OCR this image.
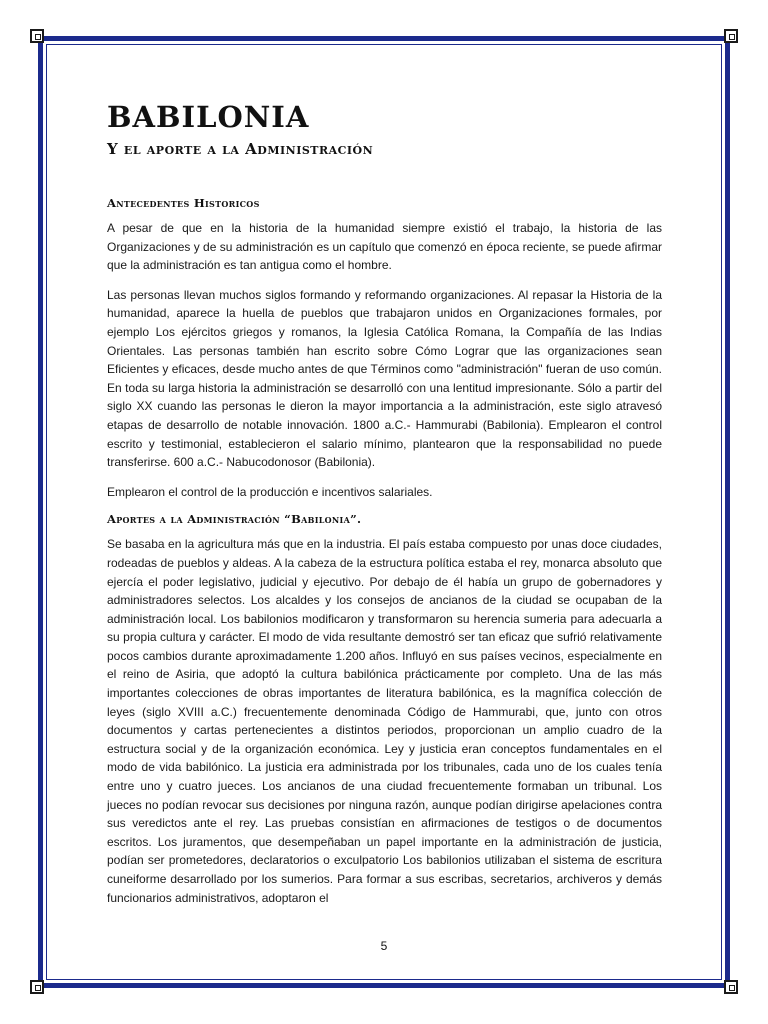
BABILONIA
Y el aporte a la Administración
Antecedentes Historicos

A pesar de que en la historia de la humanidad siempre existió el trabajo, la historia de las Organizaciones y de su administración es un capítulo que comenzó en época reciente, se puede afirmar que la administración es tan antigua como el hombre.

Las personas llevan muchos siglos formando y reformando organizaciones. Al repasar la Historia de la humanidad, aparece la huella de pueblos que trabajaron unidos en Organizaciones formales, por ejemplo Los ejércitos griegos y romanos, la Iglesia Católica Romana, la Compañía de las Indias Orientales. Las personas también han escrito sobre Cómo Lograr que las organizaciones sean Eficientes y eficaces, desde mucho antes de que Términos como "administración" fueran de uso común. En toda su larga historia la administración se desarrolló con una lentitud impresionante. Sólo a partir del siglo XX cuando las personas le dieron la mayor importancia a la administración, este siglo atravesó etapas de desarrollo de notable innovación. 1800 a.C.- Hammurabi (Babilonia). Emplearon el control escrito y testimonial, establecieron el salario mínimo, plantearon que la responsabilidad no puede transferirse. 600 a.C.- Nabucodonosor (Babilonia).

Emplearon el control de la producción e incentivos salariales.

Aportes a la Administración “Babilonia”.

Se basaba en la agricultura más que en la industria. El país estaba compuesto por unas doce ciudades, rodeadas de pueblos y aldeas. A la cabeza de la estructura política estaba el rey, monarca absoluto que ejercía el poder legislativo, judicial y ejecutivo. Por debajo de él había un grupo de gobernadores y administradores selectos. Los alcaldes y los consejos de ancianos de la ciudad se ocupaban de la administración local. Los babilonios modificaron y transformaron su herencia sumeria para adecuarla a su propia cultura y carácter. El modo de vida resultante demostró ser tan eficaz que sufrió relativamente pocos cambios durante aproximadamente 1.200 años. Influyó en sus países vecinos, especialmente en el reino de Asiria, que adoptó la cultura babilónica prácticamente por completo. Una de las más importantes colecciones de obras importantes de literatura babilónica, es la magnífica colección de leyes (siglo XVIII a.C.) frecuentemente denominada Código de Hammurabi, que, junto con otros documentos y cartas pertenecientes a distintos periodos, proporcionan un amplio cuadro de la estructura social y de la organización económica. Ley y justicia eran conceptos fundamentales en el modo de vida babilónico. La justicia era administrada por los tribunales, cada uno de los cuales tenía entre uno y cuatro jueces. Los ancianos de una ciudad frecuentemente formaban un tribunal. Los jueces no podían revocar sus decisiones por ninguna razón, aunque podían dirigirse apelaciones contra sus veredictos ante el rey. Las pruebas consistían en afirmaciones de testigos o de documentos escritos. Los juramentos, que desempeñaban un papel importante en la administración de justicia, podían ser prometedores, declaratorios o exculpatorio Los babilonios utilizaban el sistema de escritura cuneiforme desarrollado por los sumerios. Para formar a sus escribas, secretarios, archiveros y demás funcionarios administrativos, adoptaron el

5
